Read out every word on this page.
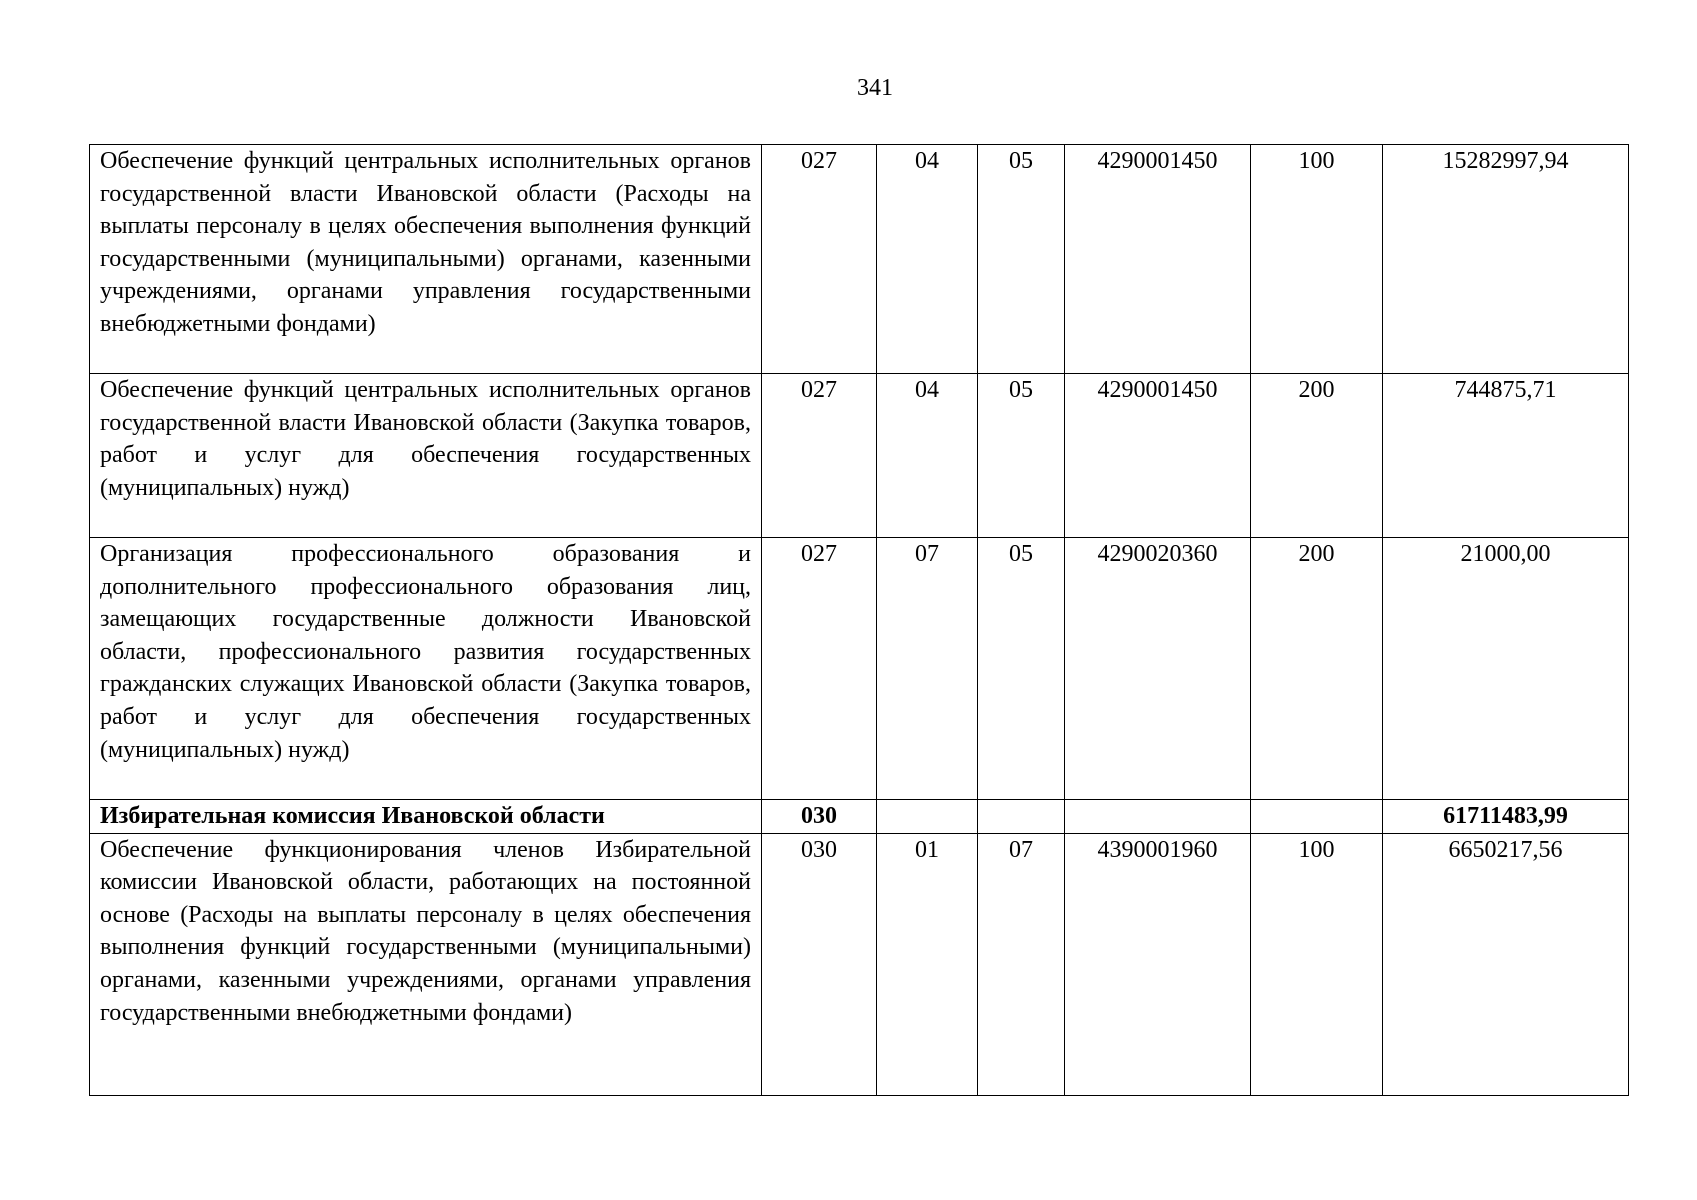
341
Обеспечение функций центральных исполнительных органов государственной власти Ивановской области (Расходы на выплаты персоналу в целях обеспечения выполнения функций государственными (муниципальными) органами, казенными учреждениями, органами управления государственными внебюджетными фондами)	027	04	05	4290001450	100	15282997,94
Обеспечение функций центральных исполнительных органов государственной власти Ивановской области (Закупка товаров, работ и услуг для обеспечения государственных (муниципальных) нужд)	027	04	05	4290001450	200	744875,71
Организация профессионального образования и дополнительного профессионального образования лиц, замещающих государственные должности Ивановской области, профессионального развития государственных гражданских служащих Ивановской области (Закупка товаров, работ и услуг для обеспечения государственных (муниципальных) нужд)	027	07	05	4290020360	200	21000,00
Избирательная комиссия Ивановской области	030					61711483,99
Обеспечение функционирования членов Избирательной комиссии Ивановской области, работающих на постоянной основе (Расходы на выплаты персоналу в целях обеспечения выполнения функций государственными (муниципальными) органами, казенными учреждениями, органами управления государственными внебюджетными фондами)	030	01	07	4390001960	100	6650217,56
